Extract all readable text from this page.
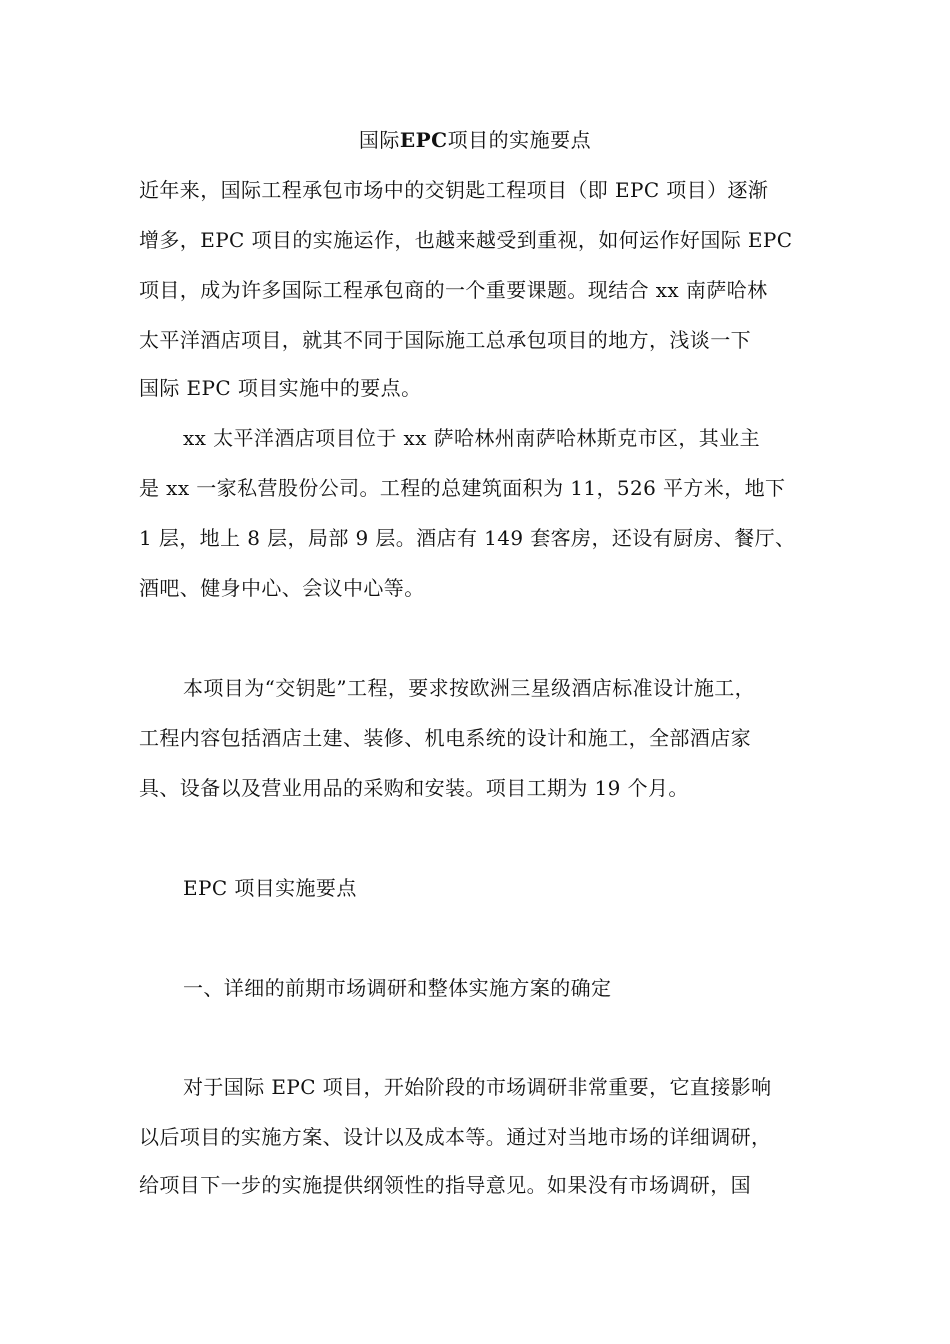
国际EPC项目的实施要点
近年来，国际工程承包市场中的交钥匙工程项目（即 EPC 项目）逐渐
增多，EPC 项目的实施运作，也越来越受到重视，如何运作好国际 EPC
项目，成为许多国际工程承包商的一个重要课题。现结合 xx 南萨哈林
太平洋酒店项目，就其不同于国际施工总承包项目的地方，浅谈一下
国际 EPC 项目实施中的要点。
xx 太平洋酒店项目位于 xx 萨哈林州南萨哈林斯克市区，其业主
是 xx 一家私营股份公司。工程的总建筑面积为 11，526 平方米，地下
1 层，地上 8 层，局部 9 层。酒店有 149 套客房，还设有厨房、餐厅、
酒吧、健身中心、会议中心等。
本项目为“交钥匙”工程，要求按欧洲三星级酒店标准设计施工，
工程内容包括酒店土建、装修、机电系统的设计和施工，全部酒店家
具、设备以及营业用品的采购和安装。项目工期为 19 个月。
EPC 项目实施要点
一、详细的前期市场调研和整体实施方案的确定
对于国际 EPC 项目，开始阶段的市场调研非常重要，它直接影响
以后项目的实施方案、设计以及成本等。通过对当地市场的详细调研，
给项目下一步的实施提供纲领性的指导意见。如果没有市场调研，国
